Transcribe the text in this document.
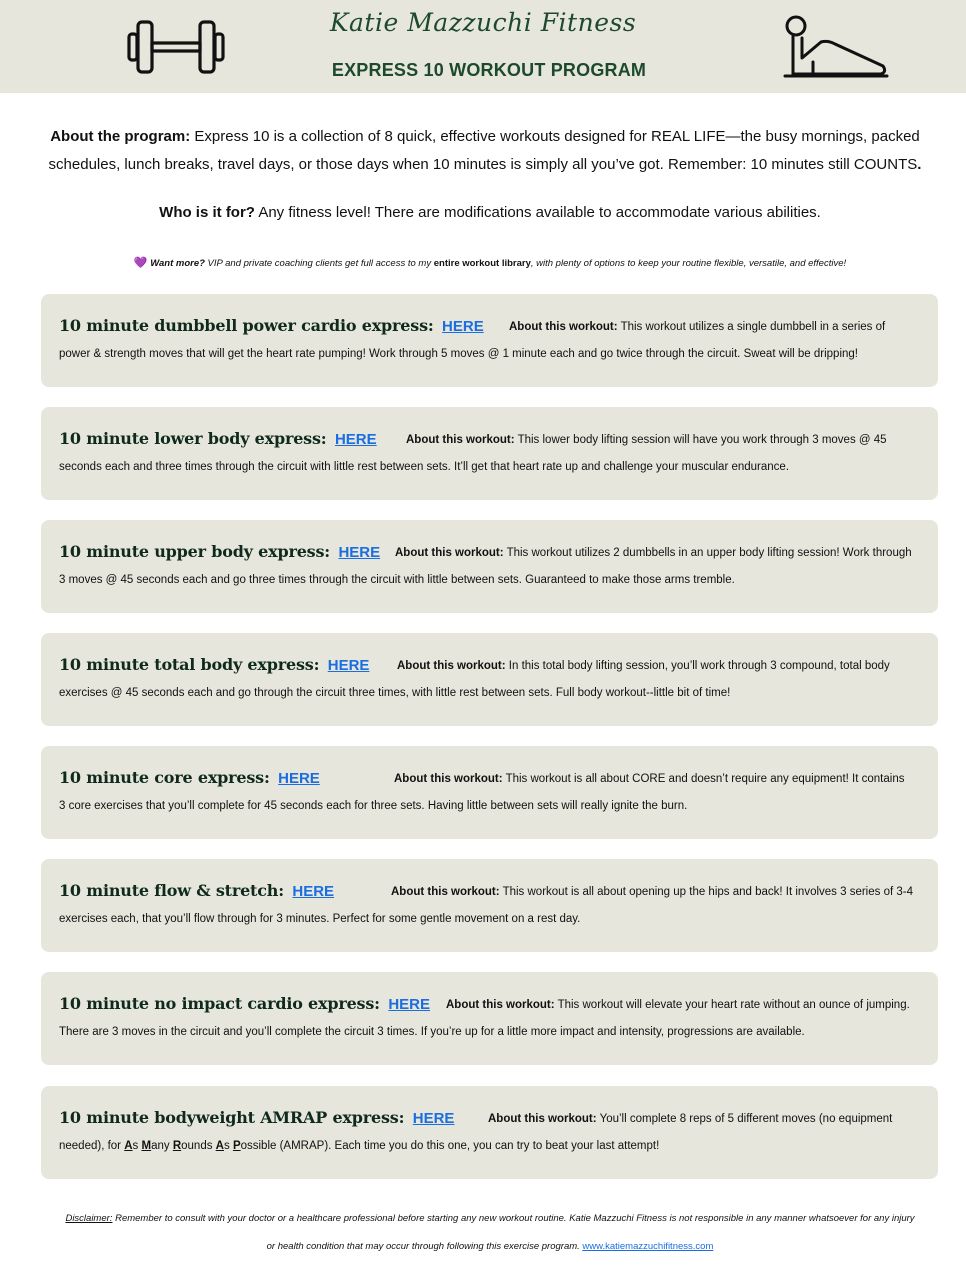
Katie Mazzuchi Fitness
EXPRESS 10 WORKOUT PROGRAM
About the program: Express 10 is a collection of 8 quick, effective workouts designed for REAL LIFE—the busy mornings, packed
schedules, lunch breaks, travel days, or those days when 10 minutes is simply all you’ve got. Remember: 10 minutes still COUNTS.
Who is it for? Any fitness level! There are modifications available to accommodate various abilities.
💜 Want more? VIP and private coaching clients get full access to my entire workout library, with plenty of options to keep your routine flexible, versatile, and effective!
10 minute dumbbell power cardio express: HERE About this workout: This workout utilizes a single dumbbell in a series of
power & strength moves that will get the heart rate pumping! Work through 5 moves @ 1 minute each and go twice through the circuit. Sweat will be dripping!
10 minute lower body express: HERE	About this workout: This lower body lifting session will have you work through 3 moves @ 45
seconds each and three times through the circuit with little rest between sets. It’ll get that heart rate up and challenge your muscular endurance.
10 minute upper body express: HERE About this workout: This workout utilizes 2 dumbbells in an upper body lifting session! Work through
3 moves @ 45 seconds each and go three times through the circuit with little between sets. Guaranteed to make those arms tremble.
10 minute total body express: HERE About this workout: In this total body lifting session, you’ll work through 3 compound, total body
exercises @ 45 seconds each and go through the circuit three times, with little rest between sets. Full body workout--little bit of time!
10 minute core express: HERE	About this workout: This workout is all about CORE and doesn’t require any equipment! It contains
3 core exercises that you’ll complete for 45 seconds each for three sets. Having little between sets will really ignite the burn.
10 minute flow & stretch: HERE	About this workout: This workout is all about opening up the hips and back! It involves 3 series of 3-4
exercises each, that you’ll flow through for 3 minutes. Perfect for some gentle movement on a rest day.
10 minute no impact cardio express: HERE About this workout: This workout will elevate your heart rate without an ounce of jumping.
There are 3 moves in the circuit and you’ll complete the circuit 3 times. If you’re up for a little more impact and intensity, progressions are available.
10 minute bodyweight AMRAP express: HERE	About this workout: You’ll complete 8 reps of 5 different moves (no equipment
needed), for As Many Rounds As Possible (AMRAP). Each time you do this one, you can try to beat your last attempt!
Disclaimer: Remember to consult with your doctor or a healthcare professional before starting any new workout routine. Katie Mazzuchi Fitness is not responsible in any manner whatsoever for any injury
or health condition that may occur through following this exercise program. www.katiemazzuchifitness.com
